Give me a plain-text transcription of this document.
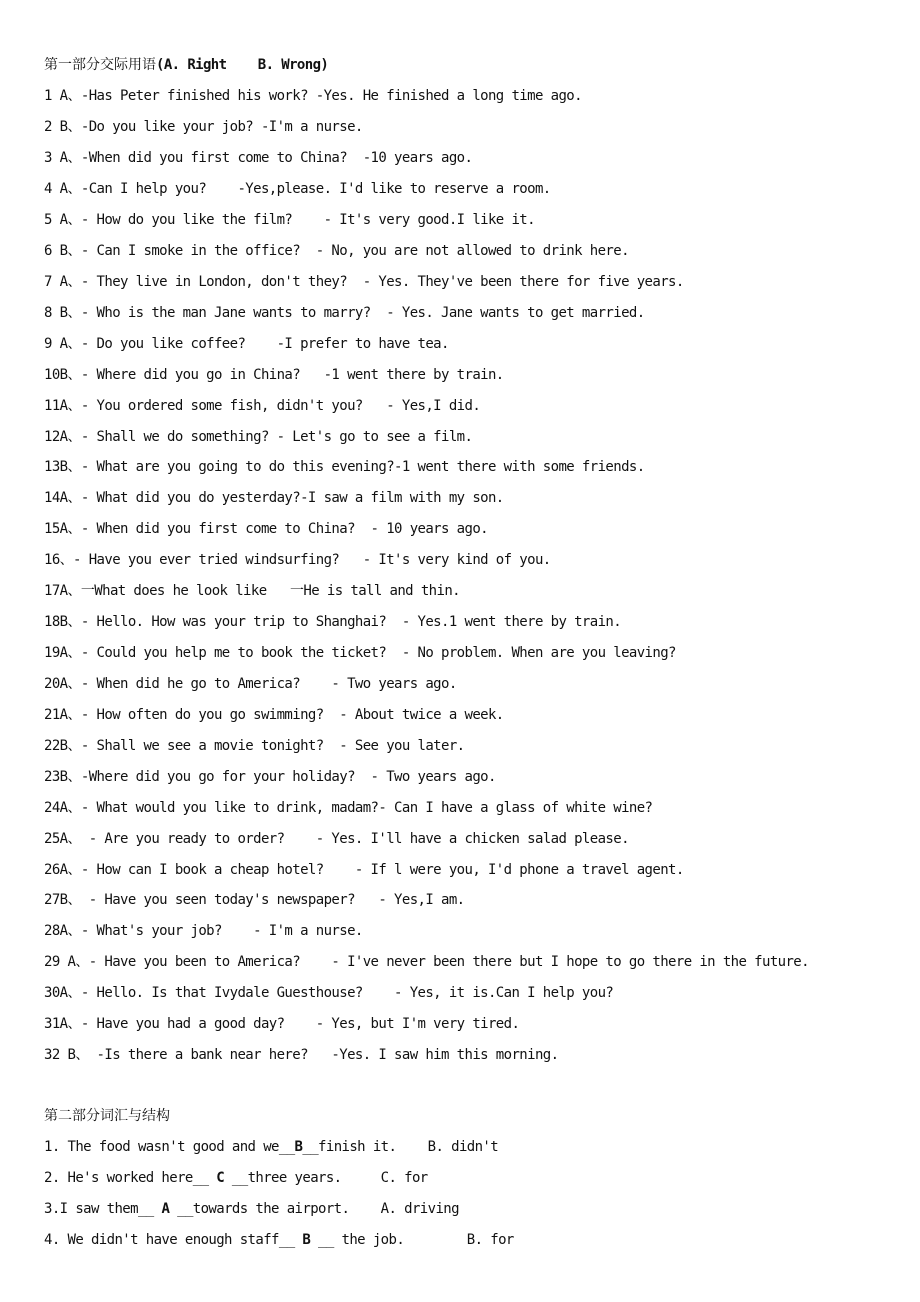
第一部分交际用语(A. Right    B. Wrong)
1 A、-Has Peter finished his work? -Yes. He finished a long time ago.
2 B、-Do you like your job? -I'm a nurse.
3 A、-When did you first come to China?  -10 years ago.
4 A、-Can I help you?    -Yes,please. I'd like to reserve a room.
5 A、- How do you like the film?    - It's very good.I like it.
6 B、- Can I smoke in the office?  - No, you are not allowed to drink here.
7 A、- They live in London, don't they?  - Yes. They've been there for five years.
8 B、- Who is the man Jane wants to marry?  - Yes. Jane wants to get married.
9 A、- Do you like coffee?    -I prefer to have tea.
10B、- Where did you go in China?   -1 went there by train.
11A、- You ordered some fish, didn't you?   - Yes,I did.
12A、- Shall we do something? - Let's go to see a film.
13B、- What are you going to do this evening?-1 went there with some friends.
14A、- What did you do yesterday?-I saw a film with my son.
15A、- When did you first come to China?  - 10 years ago.
16、- Have you ever tried windsurfing?   - It's very kind of you.
17A、一What does he look like   一He is tall and thin.
18B、- Hello. How was your trip to Shanghai?  - Yes.1 went there by train.
19A、- Could you help me to book the ticket?  - No problem. When are you leaving?
20A、- When did he go to America?    - Two years ago.
21A、- How often do you go swimming?  - About twice a week.
22B、- Shall we see a movie tonight?  - See you later.
23B、-Where did you go for your holiday?  - Two years ago.
24A、- What would you like to drink, madam?- Can I have a glass of white wine?
25A、 - Are you ready to order?    - Yes. I'll have a chicken salad please.
26A、- How can I book a cheap hotel?    - If l were you, I'd phone a travel agent.
27B、 - Have you seen today's newspaper?   - Yes,I am.
28A、- What's your job?    - I'm a nurse.
29 A、- Have you been to America?    - I've never been there but I hope to go there in the future.
30A、- Hello. Is that Ivydale Guesthouse?    - Yes, it is.Can I help you?
31A、- Have you had a good day?    - Yes, but I'm very tired.
32 B、 -Is there a bank near here?   -Yes. I saw him this morning.
第二部分词汇与结构
1. The food wasn't good and we__B__finish it.    B. didn't
2. He's worked here__ C __three years.     C. for
3.I saw them__ A __towards the airport.    A. driving
4. We didn't have enough staff__ B __ the job.        B. for
